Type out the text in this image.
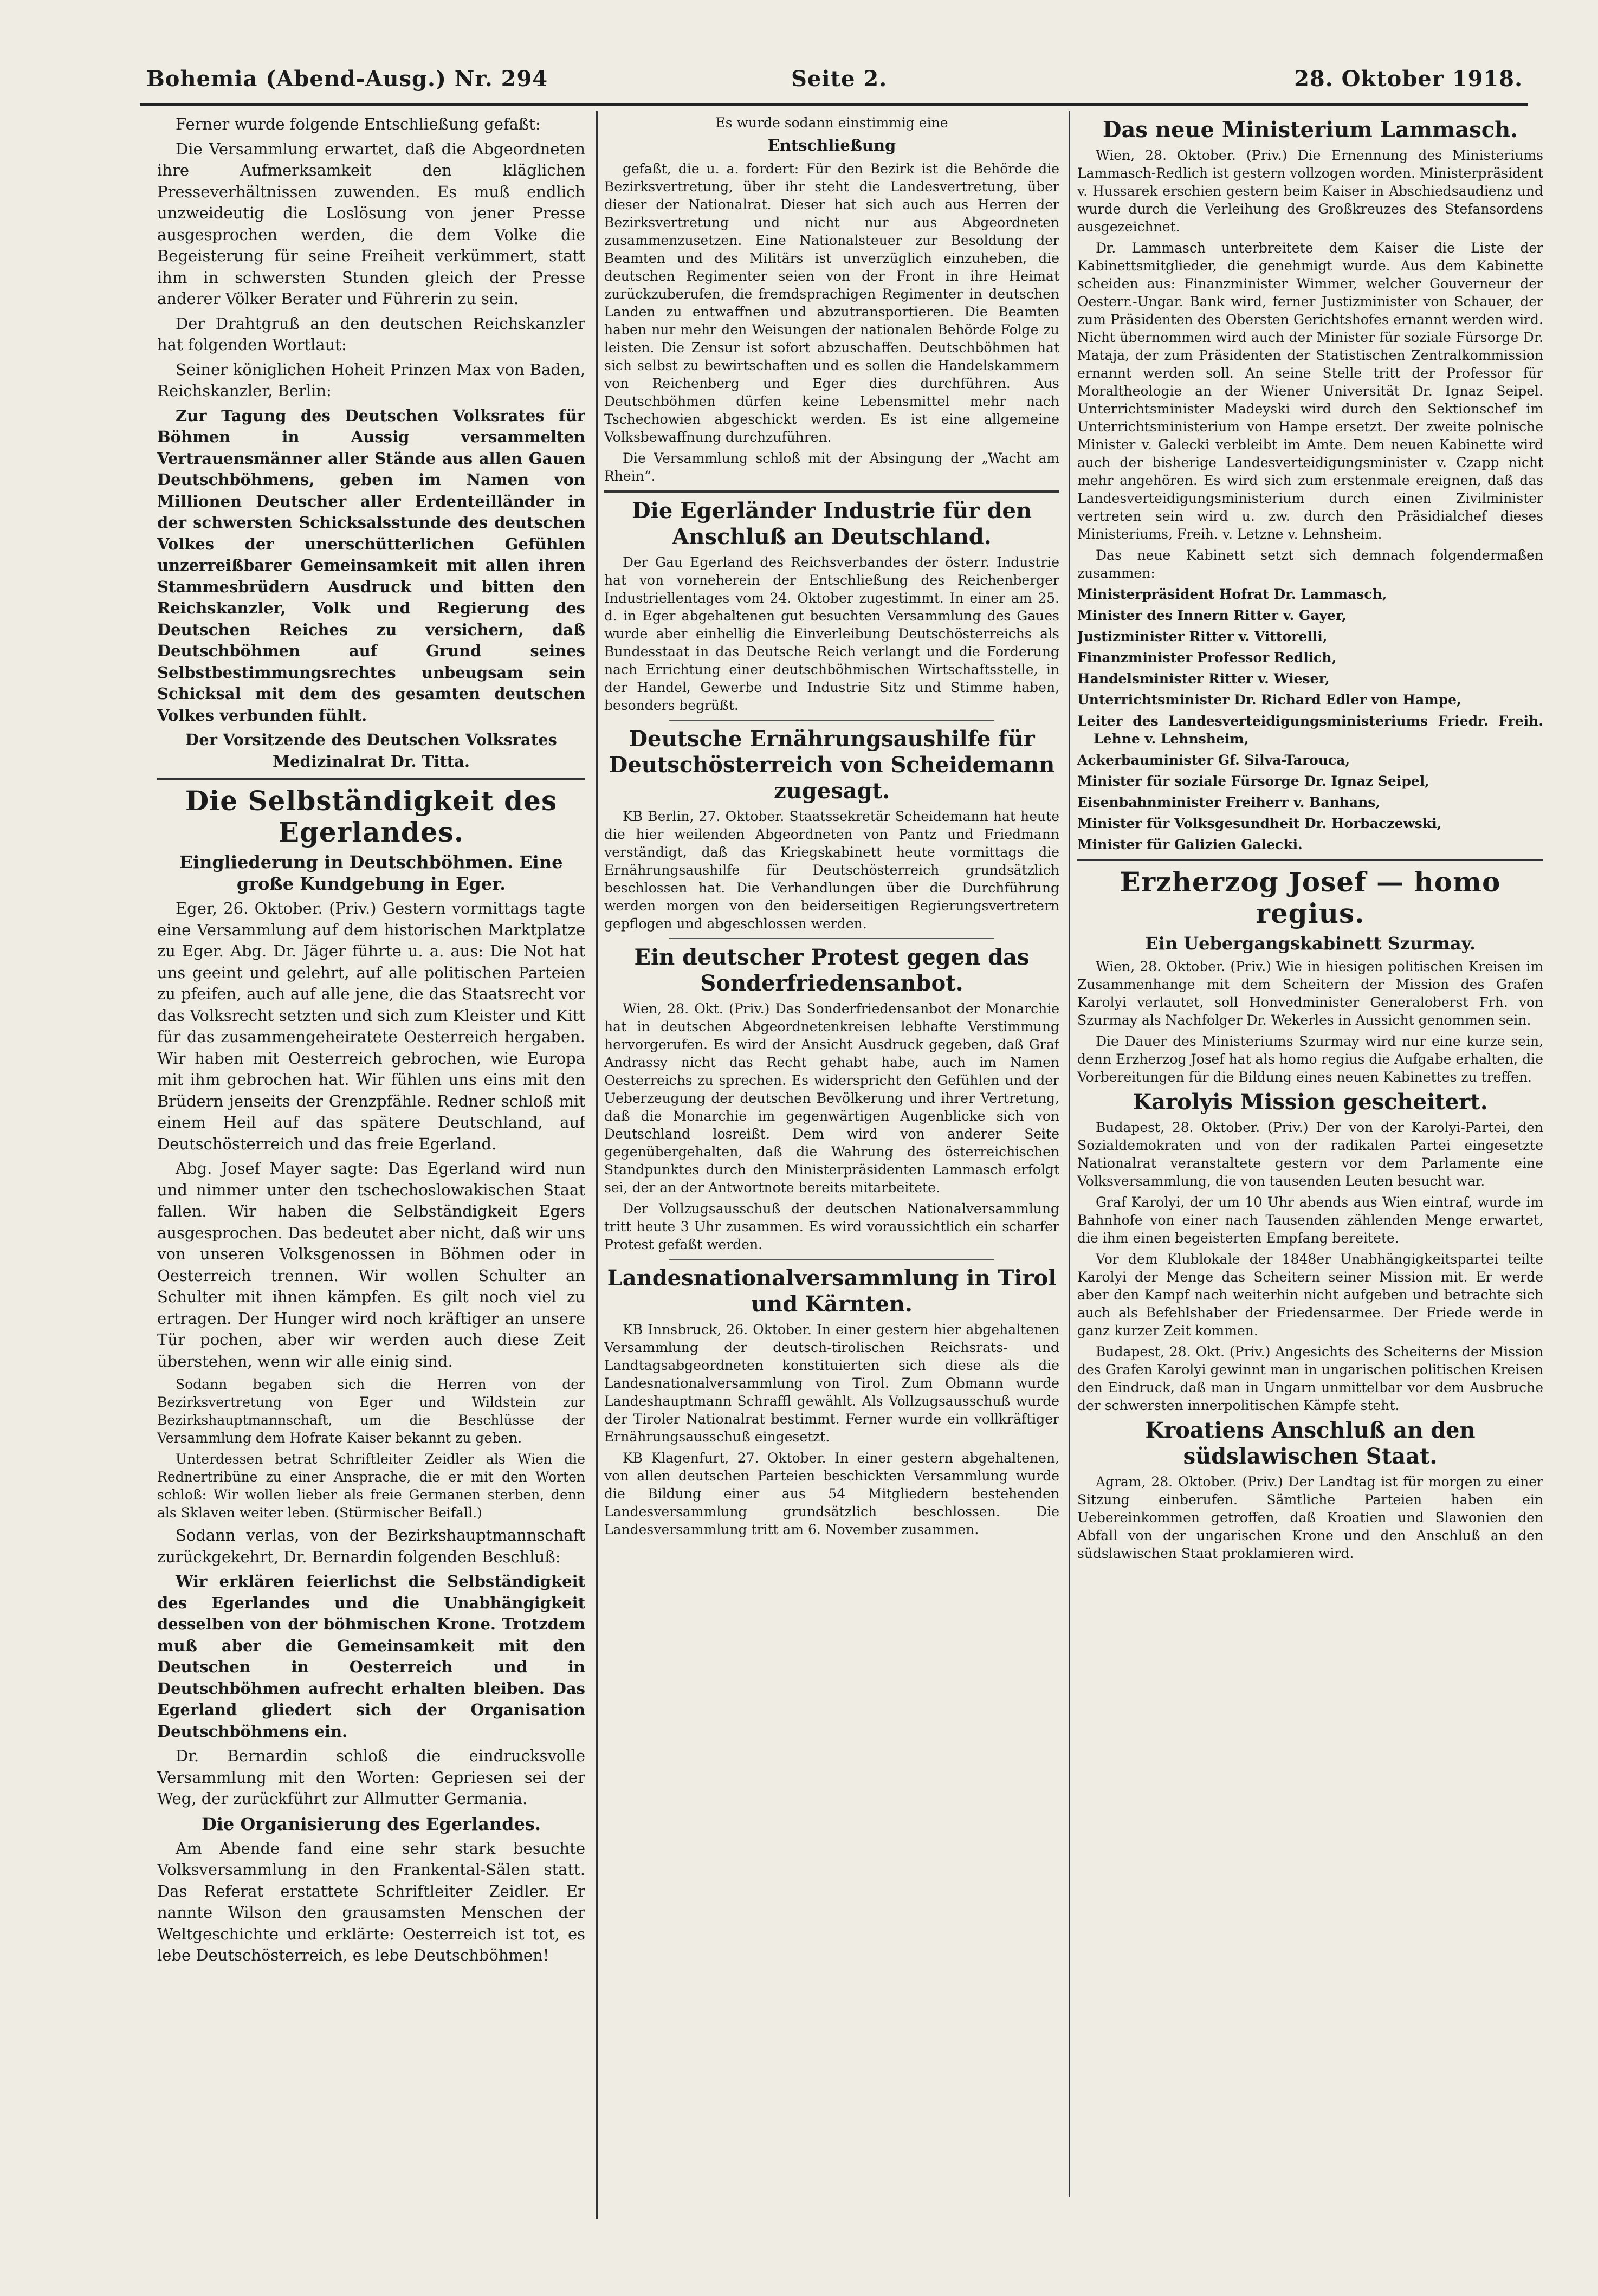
Bohemia (Abend-Ausg.) Nr. 294	Seite 2.	28. Oktober 1918.

Ferner wurde folgende Entschließung gefaßt:

Die Versammlung erwartet, daß die Abgeordneten ihre Aufmerksamkeit den kläglichen Presseverhältnissen zuwenden. Es muß endlich unzweideutig die Loslösung von jener Presse ausgesprochen werden, die dem Volke die Begeisterung für seine Freiheit verkümmert, statt ihm in schwersten Stunden gleich der Presse anderer Völker Berater und Führerin zu sein.

Der Drahtgruß an den deutschen Reichskanzler hat folgenden Wortlaut:

Seiner königlichen Hoheit Prinzen Max von Baden, Reichskanzler, Berlin:

Zur Tagung des Deutschen Volksrates für Böhmen in Aussig versammelten Vertrauensmänner aller Stände aus allen Gauen Deutschböhmens, geben im Namen von Millionen Deutscher aller Erdenteilländer in der schwersten Schicksalsstunde des deutschen Volkes der unerschütterlichen Gefühlen unzerreißbarer Gemeinsamkeit mit allen ihren Stammesbrüdern Ausdruck und bitten den Reichskanzler, Volk und Regierung des Deutschen Reiches zu versichern, daß Deutschböhmen auf Grund seines Selbstbestimmungsrechtes unbeugsam sein Schicksal mit dem des gesamten deutschen Volkes verbunden fühlt.

Der Vorsitzende des Deutschen Volksrates Medizinalrat Dr. Titta.

Die Selbständigkeit des Egerlandes.
Eingliederung in Deutschböhmen. Eine große Kundgebung in Eger.

Eger, 26. Oktober. (Priv.) Gestern vormittags tagte eine Versammlung auf dem historischen Marktplatze zu Eger. Abg. Dr. Jäger führte u. a. aus: Die Not hat uns geeint und gelehrt, auf alle politischen Parteien zu pfeifen, auch auf alle jene, die das Staatsrecht vor das Volksrecht setzten und sich zum Kleister und Kitt für das zusammengeheiratete Oesterreich hergaben. Wir haben mit Oesterreich gebrochen, wie Europa mit ihm gebrochen hat. Wir fühlen uns eins mit den Brüdern jenseits der Grenzpfähle. Redner schloß mit einem Heil auf das spätere Deutschland, auf Deutschösterreich und das freie Egerland.

Abg. Josef Mayer sagte: Das Egerland wird nun und nimmer unter den tschechoslowakischen Staat fallen. Wir haben die Selbständigkeit Egers ausgesprochen. Das bedeutet aber nicht, daß wir uns von unseren Volksgenossen in Böhmen oder in Oesterreich trennen. Wir wollen Schulter an Schulter mit ihnen kämpfen. Es gilt noch viel zu ertragen. Der Hunger wird noch kräftiger an unsere Tür pochen, aber wir werden auch diese Zeit überstehen, wenn wir alle einig sind.

Sodann begaben sich die Herren von der Bezirksvertretung von Eger und Wildstein zur Bezirkshauptmannschaft, um die Beschlüsse der Versammlung dem Hofrate Kaiser bekannt zu geben.

Unterdessen betrat Schriftleiter Zeidler als Wien die Rednertribüne zu einer Ansprache, die er mit den Worten schloß: Wir wollen lieber als freie Germanen sterben, denn als Sklaven weiter leben. (Stürmischer Beifall.)

Sodann verlas, von der Bezirkshauptmannschaft zurückgekehrt, Dr. Bernardin folgenden Beschluß:

Wir erklären feierlichst die Selbständigkeit des Egerlandes und die Unabhängigkeit desselben von der böhmischen Krone. Trotzdem muß aber die Gemeinsamkeit mit den Deutschen in Oesterreich und in Deutschböhmen aufrecht erhalten bleiben. Das Egerland gliedert sich der Organisation Deutschböhmens ein.

Dr. Bernardin schloß die eindrucksvolle Versammlung mit den Worten: Gepriesen sei der Weg, der zurückführt zur Allmutter Germania.

Die Organisierung des Egerlandes.

Am Abende fand eine sehr stark besuchte Volksversammlung in den Frankental-Sälen statt. Das Referat erstattete Schriftleiter Zeidler. Er nannte Wilson den grausamsten Menschen der Weltgeschichte und erklärte: Oesterreich ist tot, es lebe Deutschösterreich, es lebe Deutschböhmen!

Es wurde sodann einstimmig eine

Entschließung

gefaßt, die u. a. fordert: Für den Bezirk ist die Behörde die Bezirksvertretung, über ihr steht die Landesvertretung, über dieser der Nationalrat. Dieser hat sich auch aus Herren der Bezirksvertretung und nicht nur aus Abgeordneten zusammenzusetzen. Eine Nationalsteuer zur Besoldung der Beamten und des Militärs ist unverzüglich einzuheben, die deutschen Regimenter seien von der Front in ihre Heimat zurückzuberufen, die fremdsprachigen Regimenter in deutschen Landen zu entwaffnen und abzutransportieren. Die Beamten haben nur mehr den Weisungen der nationalen Behörde Folge zu leisten. Die Zensur ist sofort abzuschaffen. Deutschböhmen hat sich selbst zu bewirtschaften und es sollen die Handelskammern von Reichenberg und Eger dies durchführen. Aus Deutschböhmen dürfen keine Lebensmittel mehr nach Tschechowien abgeschickt werden. Es ist eine allgemeine Volksbewaffnung durchzuführen.

Die Versammlung schloß mit der Absingung der „Wacht am Rhein“.

Die Egerländer Industrie für den Anschluß an Deutschland.

Der Gau Egerland des Reichsverbandes der österr. Industrie hat von vorneherein der Entschließung des Reichenberger Industriellentages vom 24. Oktober zugestimmt. In einer am 25. d. in Eger abgehaltenen gut besuchten Versammlung des Gaues wurde aber einhellig die Einverleibung Deutschösterreichs als Bundesstaat in das Deutsche Reich verlangt und die Forderung nach Errichtung einer deutschböhmischen Wirtschaftsstelle, in der Handel, Gewerbe und Industrie Sitz und Stimme haben, besonders begrüßt.

Deutsche Ernährungsaushilfe für Deutschösterreich von Scheidemann zugesagt.

KB Berlin, 27. Oktober. Staatssekretär Scheidemann hat heute die hier weilenden Abgeordneten von Pantz und Friedmann verständigt, daß das Kriegskabinett heute vormittags die Ernährungsaushilfe für Deutschösterreich grundsätzlich beschlossen hat. Die Verhandlungen über die Durchführung werden morgen von den beiderseitigen Regierungsvertretern gepflogen und abgeschlossen werden.

Ein deutscher Protest gegen das Sonderfriedensanbot.

Wien, 28. Okt. (Priv.) Das Sonderfriedensanbot der Monarchie hat in deutschen Abgeordnetenkreisen lebhafte Verstimmung hervorgerufen. Es wird der Ansicht Ausdruck gegeben, daß Graf Andrassy nicht das Recht gehabt habe, auch im Namen Oesterreichs zu sprechen. Es widerspricht den Gefühlen und der Ueberzeugung der deutschen Bevölkerung und ihrer Vertretung, daß die Monarchie im gegenwärtigen Augenblicke sich von Deutschland losreißt. Dem wird von anderer Seite gegenübergehalten, daß die Wahrung des österreichischen Standpunktes durch den Ministerpräsidenten Lammasch erfolgt sei, der an der Antwortnote bereits mitarbeitete.

Der Vollzugsausschuß der deutschen Nationalversammlung tritt heute 3 Uhr zusammen. Es wird voraussichtlich ein scharfer Protest gefaßt werden.

Landesnationalversammlung in Tirol und Kärnten.

KB Innsbruck, 26. Oktober. In einer gestern hier abgehaltenen Versammlung der deutsch-tirolischen Reichsrats- und Landtagsabgeordneten konstituierten sich diese als die Landesnationalversammlung von Tirol. Zum Obmann wurde Landeshauptmann Schraffl gewählt. Als Vollzugsausschuß wurde der Tiroler Nationalrat bestimmt. Ferner wurde ein vollkräftiger Ernährungsausschuß eingesetzt.

KB Klagenfurt, 27. Oktober. In einer gestern abgehaltenen, von allen deutschen Parteien beschickten Versammlung wurde die Bildung einer aus 54 Mitgliedern bestehenden Landesversammlung grundsätzlich beschlossen. Die Landesversammlung tritt am 6. November zusammen.

Das neue Ministerium Lammasch.

Wien, 28. Oktober. (Priv.) Die Ernennung des Ministeriums Lammasch-Redlich ist gestern vollzogen worden. Ministerpräsident v. Hussarek erschien gestern beim Kaiser in Abschiedsaudienz und wurde durch die Verleihung des Großkreuzes des Stefansordens ausgezeichnet.

Dr. Lammasch unterbreitete dem Kaiser die Liste der Kabinettsmitglieder, die genehmigt wurde. Aus dem Kabinette scheiden aus: Finanzminister Wimmer, welcher Gouverneur der Oesterr.-Ungar. Bank wird, ferner Justizminister von Schauer, der zum Präsidenten des Obersten Gerichtshofes ernannt werden wird. Nicht übernommen wird auch der Minister für soziale Fürsorge Dr. Mataja, der zum Präsidenten der Statistischen Zentralkommission ernannt werden soll. An seine Stelle tritt der Professor für Moraltheologie an der Wiener Universität Dr. Ignaz Seipel. Unterrichtsminister Madeyski wird durch den Sektionschef im Unterrichtsministerium von Hampe ersetzt. Der zweite polnische Minister v. Galecki verbleibt im Amte. Dem neuen Kabinette wird auch der bisherige Landesverteidigungsminister v. Czapp nicht mehr angehören. Es wird sich zum erstenmale ereignen, daß das Landesverteidigungsministerium durch einen Zivilminister vertreten sein wird u. zw. durch den Präsidialchef dieses Ministeriums, Freih. v. Letzne v. Lehnsheim.

Das neue Kabinett setzt sich demnach folgendermaßen zusammen:

Ministerpräsident Hofrat Dr. Lammasch,

Minister des Innern Ritter v. Gayer,

Justizminister Ritter v. Vittorelli,

Finanzminister Professor Redlich,

Handelsminister Ritter v. Wieser,

Unterrichtsminister Dr. Richard Edler von Hampe,

Leiter des Landesverteidigungsministeriums Friedr. Freih. Lehne v. Lehnsheim,

Ackerbauminister Gf. Silva-Tarouca,

Minister für soziale Fürsorge Dr. Ignaz Seipel,

Eisenbahnminister Freiherr v. Banhans,

Minister für Volksgesundheit Dr. Horbaczewski,

Minister für Galizien Galecki.

Erzherzog Josef — homo regius.
Ein Uebergangskabinett Szurmay.

Wien, 28. Oktober. (Priv.) Wie in hiesigen politischen Kreisen im Zusammenhange mit dem Scheitern der Mission des Grafen Karolyi verlautet, soll Honvedminister Generaloberst Frh. von Szurmay als Nachfolger Dr. Wekerles in Aussicht genommen sein.

Die Dauer des Ministeriums Szurmay wird nur eine kurze sein, denn Erzherzog Josef hat als homo regius die Aufgabe erhalten, die Vorbereitungen für die Bildung eines neuen Kabinettes zu treffen.

Karolyis Mission gescheitert.

Budapest, 28. Oktober. (Priv.) Der von der Karolyi-Partei, den Sozialdemokraten und von der radikalen Partei eingesetzte Nationalrat veranstaltete gestern vor dem Parlamente eine Volksversammlung, die von tausenden Leuten besucht war.

Graf Karolyi, der um 10 Uhr abends aus Wien eintraf, wurde im Bahnhofe von einer nach Tausenden zählenden Menge erwartet, die ihm einen begeisterten Empfang bereitete.

Vor dem Klublokale der 1848er Unabhängigkeitspartei teilte Karolyi der Menge das Scheitern seiner Mission mit. Er werde aber den Kampf nach weiterhin nicht aufgeben und betrachte sich auch als Befehlshaber der Friedensarmee. Der Friede werde in ganz kurzer Zeit kommen.

Budapest, 28. Okt. (Priv.) Angesichts des Scheiterns der Mission des Grafen Karolyi gewinnt man in ungarischen politischen Kreisen den Eindruck, daß man in Ungarn unmittelbar vor dem Ausbruche der schwersten innerpolitischen Kämpfe steht.

Kroatiens Anschluß an den südslawischen Staat.

Agram, 28. Oktober. (Priv.) Der Landtag ist für morgen zu einer Sitzung einberufen. Sämtliche Parteien haben ein Uebereinkommen getroffen, daß Kroatien und Slawonien den Abfall von der ungarischen Krone und den Anschluß an den südslawischen Staat proklamieren wird.
